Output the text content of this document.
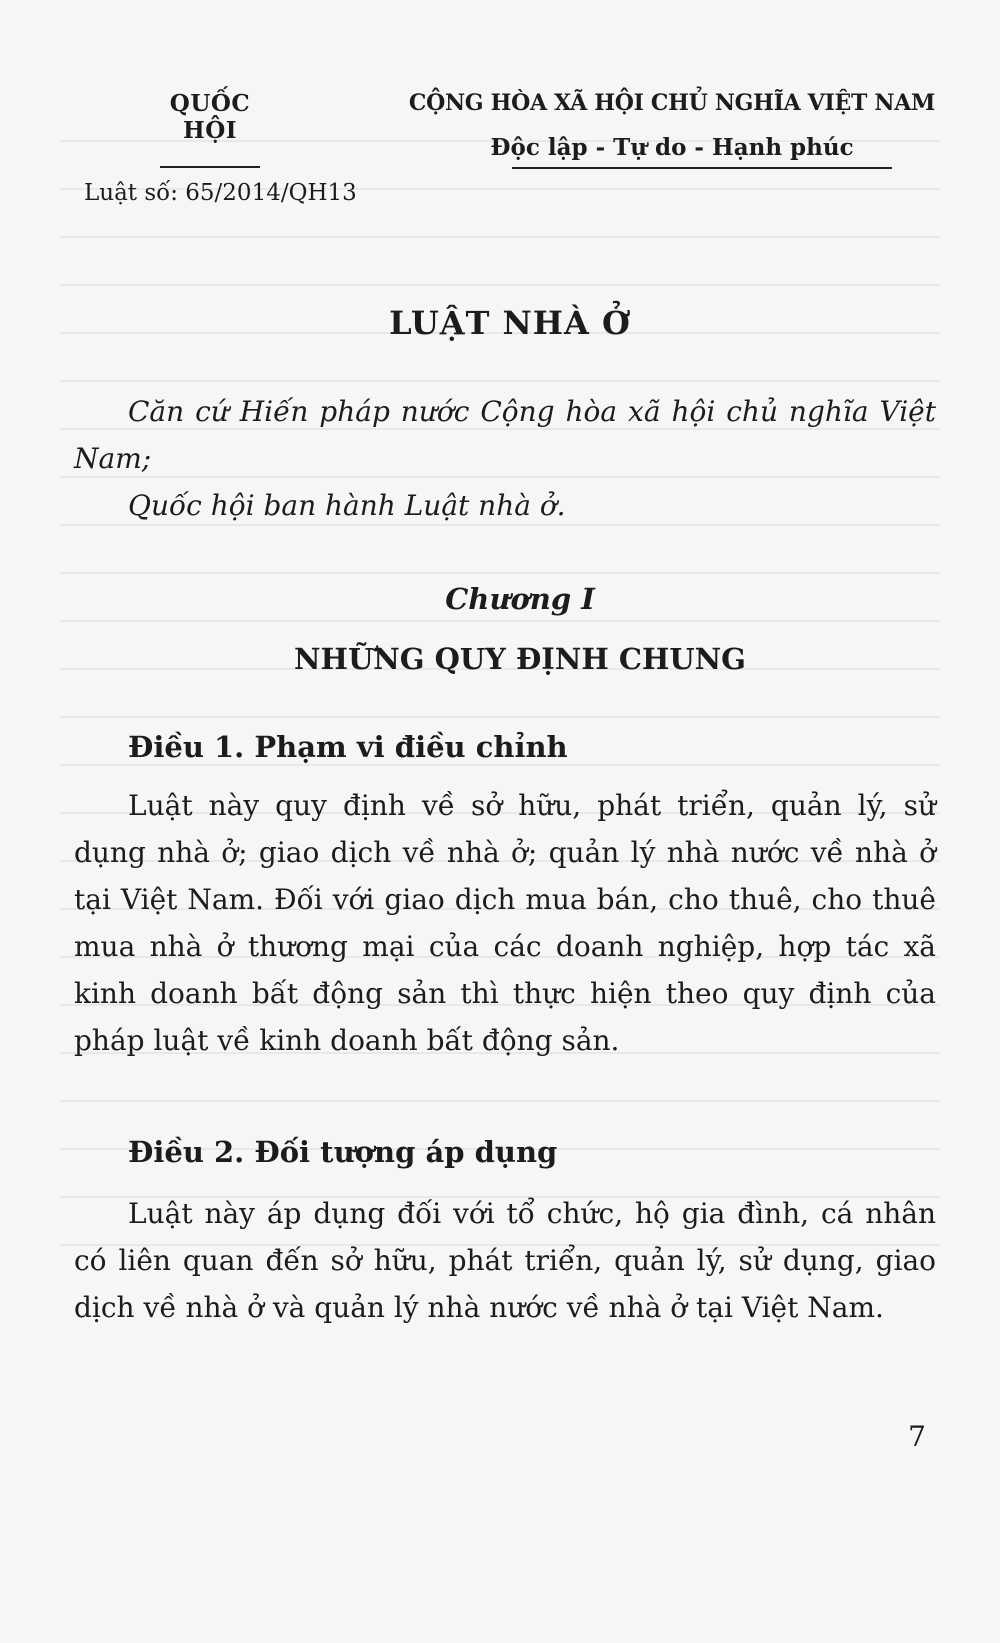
QUỐC HỘI
Luật số: 65/2014/QH13
CỘNG HÒA XÃ HỘI CHỦ NGHĨA VIỆT NAM
Độc lập - Tự do - Hạnh phúc
LUẬT NHÀ Ở

Căn cứ Hiến pháp nước Cộng hòa xã hội chủ nghĩa Việt Nam;

Quốc hội ban hành Luật nhà ở.

Chương I
NHỮNG QUY ĐỊNH CHUNG
Điều 1. Phạm vi điều chỉnh

Luật này quy định về sở hữu, phát triển, quản lý, sử dụng nhà ở; giao dịch về nhà ở; quản lý nhà nước về nhà ở tại Việt Nam. Đối với giao dịch mua bán, cho thuê, cho thuê mua nhà ở thương mại của các doanh nghiệp, hợp tác xã kinh doanh bất động sản thì thực hiện theo quy định của pháp luật về kinh doanh bất động sản.

Điều 2. Đối tượng áp dụng

Luật này áp dụng đối với tổ chức, hộ gia đình, cá nhân có liên quan đến sở hữu, phát triển, quản lý, sử dụng, giao dịch về nhà ở và quản lý nhà nước về nhà ở tại Việt Nam.

7
